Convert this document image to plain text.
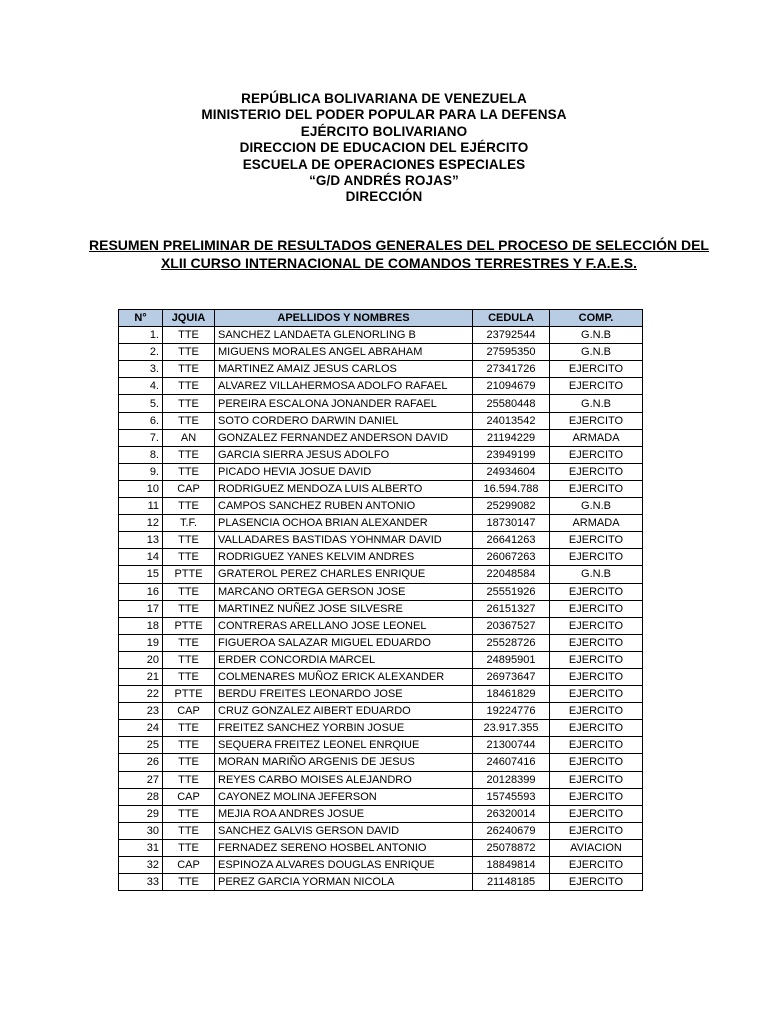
REPÚBLICA BOLIVARIANA DE VENEZUELA
MINISTERIO DEL PODER POPULAR PARA LA DEFENSA
EJÉRCITO BOLIVARIANO
DIRECCION DE EDUCACION DEL EJÉRCITO
ESCUELA DE OPERACIONES ESPECIALES
“G/D ANDRÉS ROJAS”
DIRECCIÓN
RESUMEN PRELIMINAR DE RESULTADOS GENERALES DEL PROCESO DE SELECCIÓN DEL
XLII CURSO INTERNACIONAL DE COMANDOS TERRESTRES Y F.A.E.S.
N°	JQUIA	APELLIDOS Y NOMBRES	CEDULA	COMP.
1.	TTE	SANCHEZ LANDAETA GLENORLING B	23792544	G.N.B
2.	TTE	MIGUENS MORALES ANGEL ABRAHAM	27595350	G.N.B
3.	TTE	MARTINEZ AMAIZ JESUS CARLOS	27341726	EJERCITO
4.	TTE	ALVAREZ VILLAHERMOSA ADOLFO RAFAEL	21094679	EJERCITO
5.	TTE	PEREIRA ESCALONA JONANDER RAFAEL	25580448	G.N.B
6.	TTE	SOTO CORDERO DARWIN DANIEL	24013542	EJERCITO
7.	AN	GONZALEZ FERNANDEZ ANDERSON DAVID	21194229	ARMADA
8.	TTE	GARCIA SIERRA JESUS ADOLFO	23949199	EJERCITO
9.	TTE	PICADO HEVIA JOSUE DAVID	24934604	EJERCITO
10	CAP	RODRIGUEZ MENDOZA LUIS ALBERTO	16.594.788	EJERCITO
11	TTE	CAMPOS SANCHEZ RUBEN ANTONIO	25299082	G.N.B
12	T.F.	PLASENCIA OCHOA BRIAN ALEXANDER	18730147	ARMADA
13	TTE	VALLADARES BASTIDAS YOHNMAR DAVID	26641263	EJERCITO
14	TTE	RODRIGUEZ YANES KELVIM ANDRES	26067263	EJERCITO
15	PTTE	GRATEROL PEREZ CHARLES ENRIQUE	22048584	G.N.B
16	TTE	MARCANO ORTEGA GERSON JOSE	25551926	EJERCITO
17	TTE	MARTINEZ NUÑEZ JOSE SILVESRE	26151327	EJERCITO
18	PTTE	CONTRERAS ARELLANO JOSE LEONEL	20367527	EJERCITO
19	TTE	FIGUEROA SALAZAR MIGUEL EDUARDO	25528726	EJERCITO
20	TTE	ERDER CONCORDIA MARCEL	24895901	EJERCITO
21	TTE	COLMENARES MUÑOZ ERICK ALEXANDER	26973647	EJERCITO
22	PTTE	BERDU FREITES LEONARDO JOSE	18461829	EJERCITO
23	CAP	CRUZ GONZALEZ AIBERT EDUARDO	19224776	EJERCITO
24	TTE	FREITEZ SANCHEZ YORBIN JOSUE	23.917.355	EJERCITO
25	TTE	SEQUERA FREITEZ LEONEL ENRQIUE	21300744	EJERCITO
26	TTE	MORAN MARIÑO ARGENIS DE JESUS	24607416	EJERCITO
27	TTE	REYES CARBO MOISES ALEJANDRO	20128399	EJERCITO
28	CAP	CAYONEZ MOLINA JEFERSON	15745593	EJERCITO
29	TTE	MEJIA ROA ANDRES JOSUE	26320014	EJERCITO
30	TTE	SANCHEZ GALVIS GERSON DAVID	26240679	EJERCITO
31	TTE	FERNADEZ SERENO HOSBEL ANTONIO	25078872	AVIACION
32	CAP	ESPINOZA ALVARES DOUGLAS ENRIQUE	18849814	EJERCITO
33	TTE	PEREZ GARCIA YORMAN NICOLA	21148185	EJERCITO
